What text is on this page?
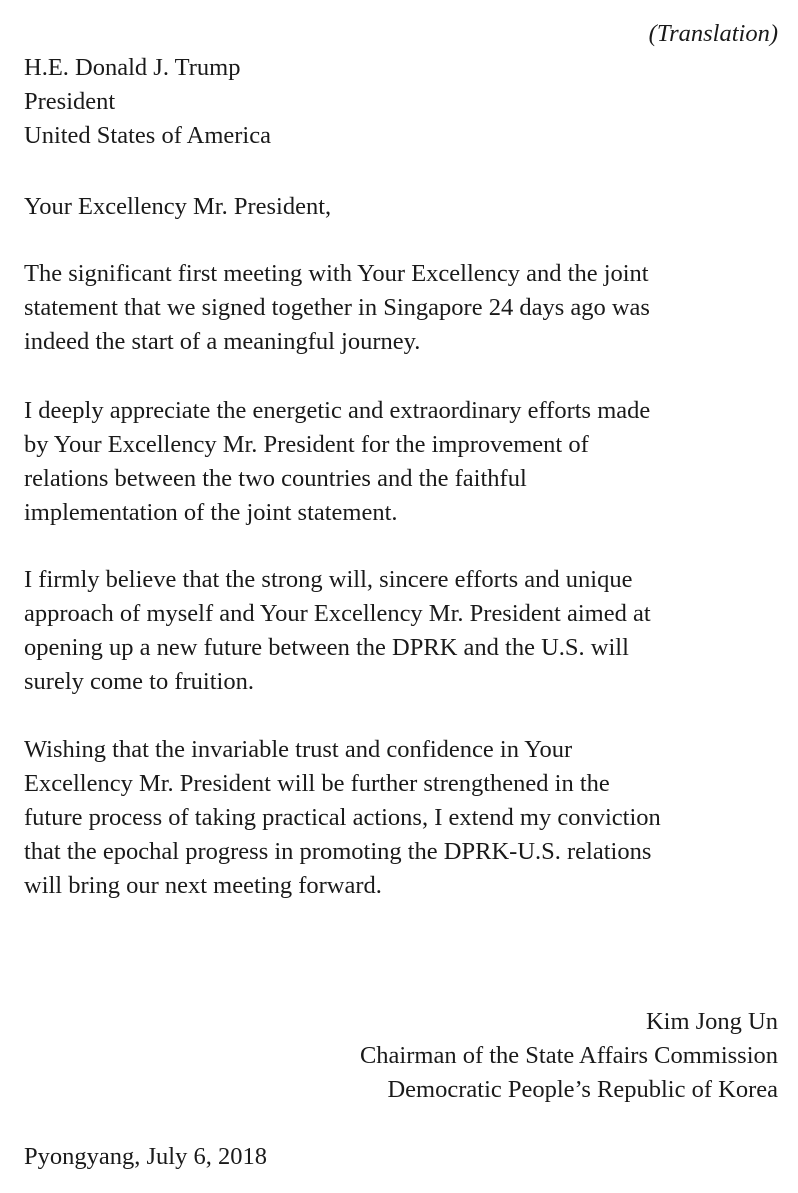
(Translation)
H.E. Donald J. Trump
President
United States of America
Your Excellency Mr. President,
The significant first meeting with Your Excellency and the joint
statement that we signed together in Singapore 24 days ago was
indeed the start of a meaningful journey.
I deeply appreciate the energetic and extraordinary efforts made
by Your Excellency Mr. President for the improvement of
relations between the two countries and the faithful
implementation of the joint statement.
I firmly believe that the strong will, sincere efforts and unique
approach of myself and Your Excellency Mr. President aimed at
opening up a new future between the DPRK and the U.S. will
surely come to fruition.
Wishing that the invariable trust and confidence in Your
Excellency Mr. President will be further strengthened in the
future process of taking practical actions, I extend my conviction
that the epochal progress in promoting the DPRK-U.S. relations
will bring our next meeting forward.
Kim Jong Un
Chairman of the State Affairs Commission
Democratic People’s Republic of Korea
Pyongyang, July 6, 2018
